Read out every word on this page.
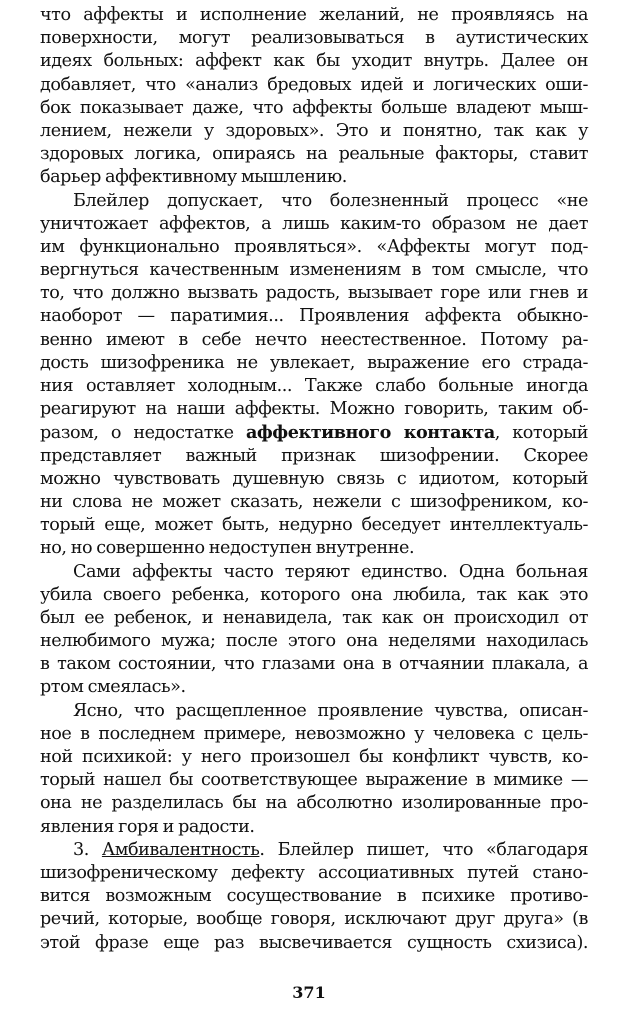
что аффекты и исполнение желаний, не проявляясь на
поверхности, могут реализовываться в аутистических
идеях больных: аффект как бы уходит внутрь. Далее он
добавляет, что «анализ бредовых идей и логических оши-
бок показывает даже, что аффекты больше владеют мыш-
лением, нежели у здоровых». Это и понятно, так как у
здоровых логика, опираясь на реальные факторы, ставит
барьер аффективному мышлению.
Блейлер допускает, что болезненный процесс «не
уничтожает аффектов, а лишь каким-то образом не дает
им функционально проявляться». «Аффекты могут под-
вергнуться качественным изменениям в том смысле, что
то, что должно вызвать радость, вызывает горе или гнев и
наоборот — паратимия... Проявления аффекта обыкно-
венно имеют в себе нечто неестественное. Потому ра-
дость шизофреника не увлекает, выражение его страда-
ния оставляет холодным... Также слабо больные иногда
реагируют на наши аффекты. Можно говорить, таким об-
разом, о недостатке аффективного контакта, который
представляет важный признак шизофрении. Скорее
можно чувствовать душевную связь с идиотом, который
ни слова не может сказать, нежели с шизофреником, ко-
торый еще, может быть, недурно беседует интеллектуаль-
но, но совершенно недоступен внутренне.
Сами аффекты часто теряют единство. Одна больная
убила своего ребенка, которого она любила, так как это
был ее ребенок, и ненавидела, так как он происходил от
нелюбимого мужа; после этого она неделями находилась
в таком состоянии, что глазами она в отчаянии плакала, а
ртом смеялась».
Ясно, что расщепленное проявление чувства, описан-
ное в последнем примере, невозможно у человека с цель-
ной психикой: у него произошел бы конфликт чувств, ко-
торый нашел бы соответствующее выражение в мимике —
она не разделилась бы на абсолютно изолированные про-
явления горя и радости.
3. Амбивалентность. Блейлер пишет, что «благодаря
шизофреническому дефекту ассоциативных путей стано-
вится возможным сосуществование в психике противо-
речий, которые, вообще говоря, исключают друг друга» (в
этой фразе еще раз высвечивается сущность схизиса).
371
